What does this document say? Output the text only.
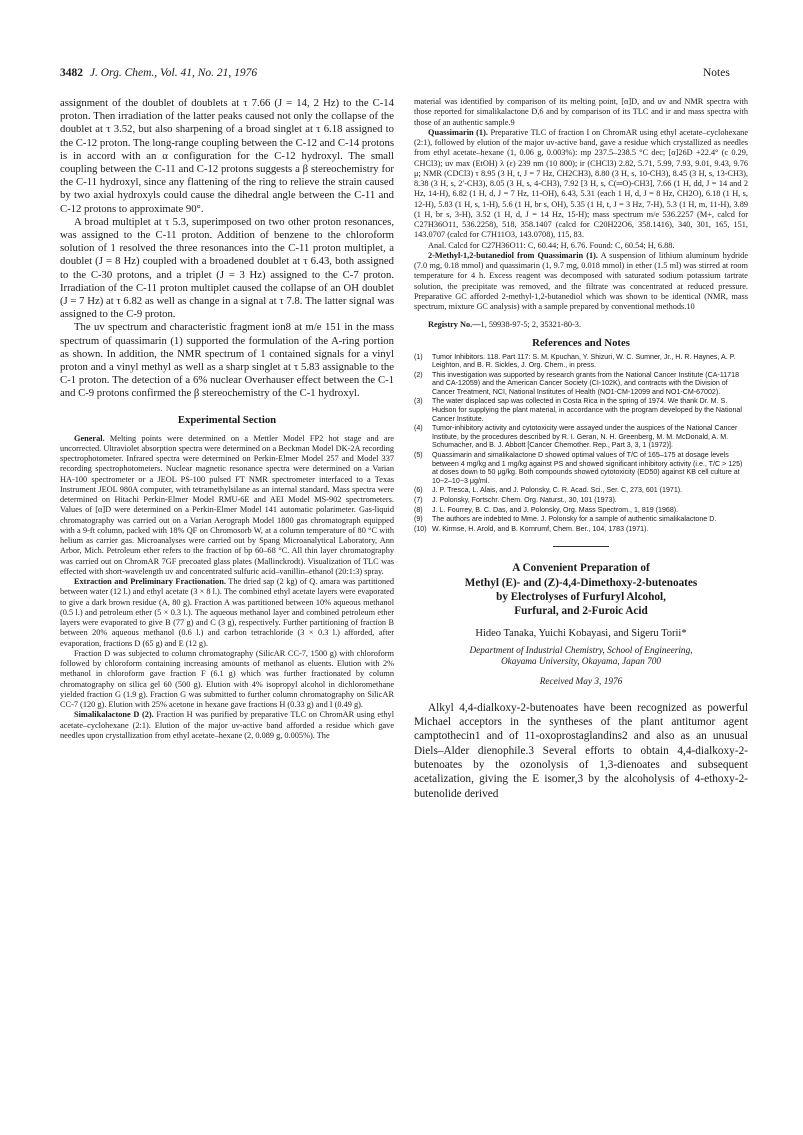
3482 J. Org. Chem., Vol. 41, No. 21, 1976	Notes

assignment of the doublet of doublets at τ 7.66 (J = 14, 2 Hz) to the C-14 proton. Then irradiation of the latter peaks caused not only the collapse of the doublet at τ 3.52, but also sharpening of a broad singlet at τ 6.18 assigned to the C-12 proton. The long-range coupling between the C-12 and C-14 protons is in accord with an α configuration for the C-12 hydroxyl. The small coupling between the C-11 and C-12 protons suggests a β stereochemistry for the C-11 hydroxyl, since any flattening of the ring to relieve the strain caused by two axial hydroxyls could cause the dihedral angle between the C-11 and C-12 protons to approximate 90°.

A broad multiplet at τ 5.3, superimposed on two other proton resonances, was assigned to the C-11 proton. Addition of benzene to the chloroform solution of 1 resolved the three resonances into the C-11 proton multiplet, a doublet (J = 8 Hz) coupled with a broadened doublet at τ 6.43, both assigned to the C-30 protons, and a triplet (J = 3 Hz) assigned to the C-7 proton. Irradiation of the C-11 proton multiplet caused the collapse of an OH doublet (J = 7 Hz) at τ 6.82 as well as change in a signal at τ 7.8. The latter signal was assigned to the C-9 proton.

The uv spectrum and characteristic fragment ion8 at m/e 151 in the mass spectrum of quassimarin (1) supported the formulation of the A-ring portion as shown. In addition, the NMR spectrum of 1 contained signals for a vinyl proton and a vinyl methyl as well as a sharp singlet at τ 5.83 assignable to the C-1 proton. The detection of a 6% nuclear Overhauser effect between the C-1 and C-9 protons confirmed the β stereochemistry of the C-1 hydroxyl.

Experimental Section

General. Melting points were determined on a Mettler Model FP2 hot stage and are uncorrected. Ultraviolet absorption spectra were determined on a Beckman Model DK-2A recording spectrophotometer. Infrared spectra were determined on Perkin-Elmer Model 257 and Model 337 recording spectrophotometers. Nuclear magnetic resonance spectra were determined on a Varian HA-100 spectrometer or a JEOL PS-100 pulsed FT NMR spectrometer interfaced to a Texas Instrument JEOL 980A computer, with tetramethylsilane as an internal standard. Mass spectra were determined on Hitachi Perkin-Elmer Model RMU-6E and AEI Model MS-902 spectrometers. Values of [α]D were determined on a Perkin-Elmer Model 141 automatic polarimeter. Gas-liquid chromatography was carried out on a Varian Aerograph Model 1800 gas chromatograph equipped with a 9-ft column, packed with 18% QF on Chromosorb W, at a column temperature of 80 °C with helium as carrier gas. Microanalyses were carried out by Spang Microanalytical Laboratory, Ann Arbor, Mich. Petroleum ether refers to the fraction of bp 60–68 °C. All thin layer chromatography was carried out on ChromAR 7GF precoated glass plates (Mallinckrodt). Visualization of TLC was effected with short-wavelength uv and concentrated sulfuric acid–vanillin–ethanol (20:1:3) spray.

Extraction and Preliminary Fractionation. The dried sap (2 kg) of Q. amara was partitioned between water (12 l.) and ethyl acetate (3 × 8 l.). The combined ethyl acetate layers were evaporated to give a dark brown residue (A, 80 g). Fraction A was partitioned between 10% aqueous methanol (0.5 l.) and petroleum ether (5 × 0.3 l.). The aqueous methanol layer and combined petroleum ether layers were evaporated to give B (77 g) and C (3 g), respectively. Further partitioning of fraction B between 20% aqueous methanol (0.6 l.) and carbon tetrachloride (3 × 0.3 l.) afforded, after evaporation, fractions D (65 g) and E (12 g).

Fraction D was subjected to column chromatography (SilicAR CC-7, 1500 g) with chloroform followed by chloroform containing increasing amounts of methanol as eluents. Elution with 2% methanol in chloroform gave fraction F (6.1 g) which was further fractionated by column chromatography on silica gel 60 (500 g). Elution with 4% isopropyl alcohol in dichloromethane yielded fraction G (1.9 g). Fraction G was submitted to further column chromatography on SilicAR CC-7 (120 g). Elution with 25% acetone in hexane gave fractions H (0.33 g) and I (0.49 g).

Simalikalactone D (2). Fraction H was purified by preparative TLC on ChromAR using ethyl acetate–cyclohexane (2:1). Elution of the major uv-active band afforded a residue which gave needles upon crystallization from ethyl acetate–hexane (2, 0.089 g, 0.005%). The

material was identified by comparison of its melting point, [α]D, and uv and NMR spectra with those reported for simalikalactone D,6 and by comparison of its TLC and ir and mass spectra with those of an authentic sample.9

Quassimarin (1). Preparative TLC of fraction I on ChromAR using ethyl acetate–cyclohexane (2:1), followed by elution of the major uv-active band, gave a residue which crystallized as needles from ethyl acetate–hexane (1, 0.06 g, 0.003%): mp 237.5–238.5 °C dec; [α]26D +22.4° (c 0.29, CHCl3); uv max (EtOH) λ (ε) 239 nm (10 800); ir (CHCl3) 2.82, 5.71, 5.99, 7.93, 9.01, 9.43, 9.76 μ; NMR (CDCl3) τ 8.95 (3 H, t, J = 7 Hz, CH2CH3), 8.80 (3 H, s, 10-CH3), 8.45 (3 H, s, 13-CH3), 8.38 (3 H, s, 2′-CH3), 8.05 (3 H, s, 4-CH3), 7.92 [3 H, s, C(═O)-CH3], 7.66 (1 H, dd, J = 14 and 2 Hz, 14-H), 6.82 (1 H, d, J = 7 Hz, 11-OH), 6.43, 5.31 (each 1 H, d, J = 8 Hz, CH2O), 6.18 (1 H, s, 12-H), 5.83 (1 H, s, 1-H), 5.6 (1 H, br s, OH), 5.35 (1 H, t, J = 3 Hz, 7-H), 5.3 (1 H, m, 11-H), 3.89 (1 H, br s, 3-H), 3.52 (1 H, d, J = 14 Hz, 15-H); mass spectrum m/e 536.2257 (M+, calcd for C27H36O11, 536.2258), 518, 358.1407 (calcd for C20H22O6, 358.1416), 340, 301, 165, 151, 143.0707 (calcd for C7H11O3, 143.0708), 115, 83.

Anal. Calcd for C27H36O11: C, 60.44; H, 6.76. Found: C, 60.54; H, 6.88.

2-Methyl-1,2-butanediol from Quassimarin (1). A suspension of lithium aluminum hydride (7.0 mg, 0.18 mmol) and quassimarin (1, 9.7 mg, 0.018 mmol) in ether (1.5 ml) was stirred at room temperature for 4 h. Excess reagent was decomposed with saturated sodium potassium tartrate solution, the precipitate was removed, and the filtrate was concentrated at reduced pressure. Preparative GC afforded 2-methyl-1,2-butanediol which was shown to be identical (NMR, mass spectrum, mixture GC analysis) with a sample prepared by conventional methods.10

Registry No.—1, 59938-97-5; 2, 35321-80-3.

References and Notes
(1)	Tumor Inhibitors. 118. Part 117: S. M. Kpuchan, Y. Shizuri, W. C. Sumner, Jr., H. R. Haynes, A. P. Leighton, and B. R. Sickles, J. Org. Chem., in press.
(2)	This investigation was supported by research grants from the National Cancer Institute (CA-11718 and CA-12059) and the American Cancer Society (CI-102K), and contracts with the Division of Cancer Treatment, NCI, National Institutes of Health (NO1-CM-12099 and NO1-CM-67002).
(3)	The water displaced sap was collected in Costa Rica in the spring of 1974. We thank Dr. M. S. Hudson for supplying the plant material, in accordance with the program developed by the National Cancer Institute.
(4)	Tumor-inhibitory activity and cytotoxicity were assayed under the auspices of the National Cancer Institute, by the procedures described by R. I. Geran, N. H. Greenberg, M. M. McDonald, A. M. Schumacher, and B. J. Abbott [Cancer Chemother. Rep., Part 3, 3, 1 (1972)].
(5)	Quassimarin and simalikalactone D showed optimal values of T/C of 165–175 at dosage levels between 4 mg/kg and 1 mg/kg against PS and showed significant inhibitory activity (i.e., T/C > 125) at doses down to 50 μg/kg. Both compounds showed cytotoxicity (ED50) against KB cell culture at 10−2–10−3 μg/ml.
(6)	J. P. Tresca, L. Alais, and J. Polonsky, C. R. Acad. Sci., Ser. C, 273, 601 (1971).
(7)	J. Polonsky, Fortschr. Chem. Org. Naturst., 30, 101 (1973).
(8)	J. L. Fourrey, B. C. Das, and J. Polonsky, Org. Mass Spectrom., 1, 819 (1968).
(9)	The authors are indebted to Mme. J. Polonsky for a sample of authentic simalikalactone D.
(10) W. Kirmse, H. Arold, and B. Kornrumf, Chem. Ber., 104, 1783 (1971).
A Convenient Preparation of
Methyl (E)- and (Z)-4,4-Dimethoxy-2-butenoates
by Electrolyses of Furfuryl Alcohol,
Furfural, and 2-Furoic Acid
Hideo Tanaka, Yuichi Kobayasi, and Sigeru Torii*
Department of Industrial Chemistry, School of Engineering,
Okayama University, Okayama, Japan 700
Received May 3, 1976

Alkyl 4,4-dialkoxy-2-butenoates have been recognized as powerful Michael acceptors in the syntheses of the plant antitumor agent camptothecin1 and of 11-oxoprostaglandins2 and also as an unusual Diels–Alder dienophile.3 Several efforts to obtain 4,4-dialkoxy-2-butenoates by the ozonolysis of 1,3-dienoates and subsequent acetalization, giving the E isomer,3 by the alcoholysis of 4-ethoxy-2-butenolide derived
